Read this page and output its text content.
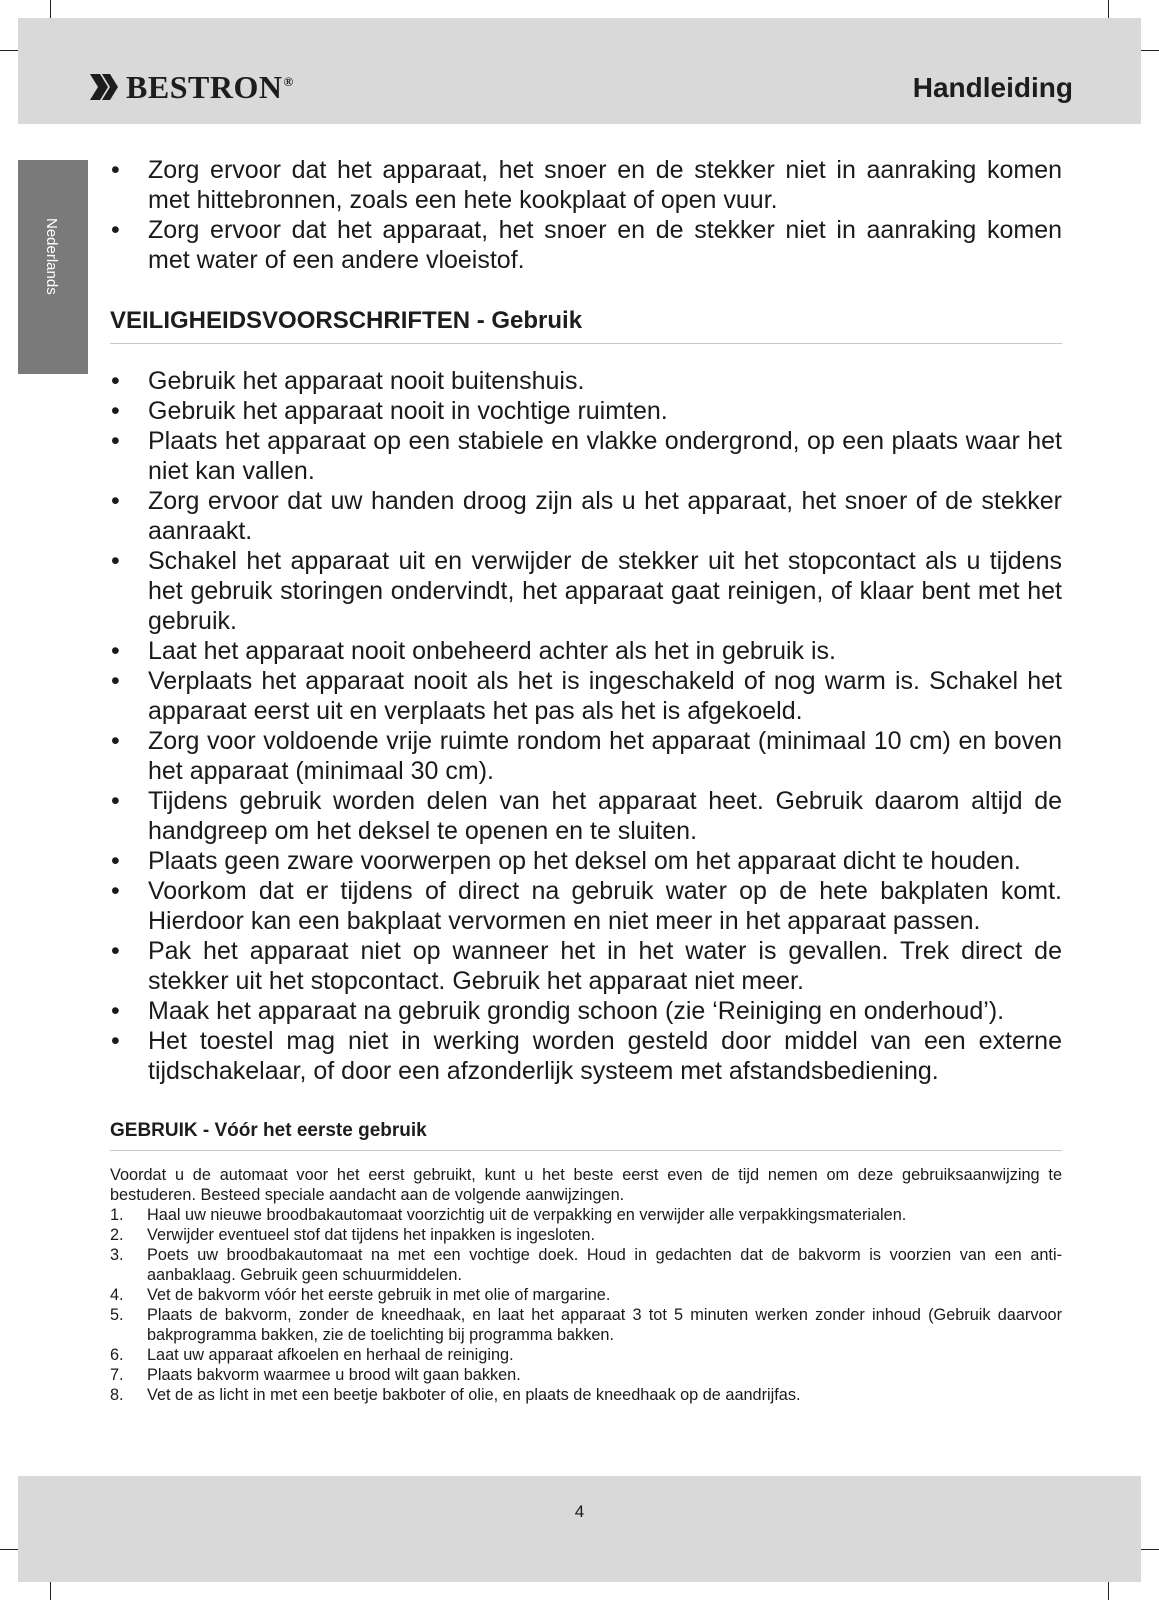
BESTRON®	Handleiding
Nederlands
• Zorg ervoor dat het apparaat, het snoer en de stekker niet in aanraking komen met hittebronnen, zoals een hete kookplaat of open vuur.
• Zorg ervoor dat het apparaat, het snoer en de stekker niet in aanraking komen met water of een andere vloeistof.
VEILIGHEIDSVOORSCHRIFTEN - Gebruik
• Gebruik het apparaat nooit buitenshuis.
• Gebruik het apparaat nooit in vochtige ruimten.
• Plaats het apparaat op een stabiele en vlakke ondergrond, op een plaats waar het niet kan vallen.
• Zorg ervoor dat uw handen droog zijn als u het apparaat, het snoer of de stekker aanraakt.
• Schakel het apparaat uit en verwijder de stekker uit het stopcontact als u tijdens het gebruik storingen ondervindt, het apparaat gaat reinigen, of klaar bent met het gebruik.
• Laat het apparaat nooit onbeheerd achter als het in gebruik is.
• Verplaats het apparaat nooit als het is ingeschakeld of nog warm is. Schakel het apparaat eerst uit en verplaats het pas als het is afgekoeld.
• Zorg voor voldoende vrije ruimte rondom het apparaat (minimaal 10 cm) en boven het apparaat (minimaal 30 cm).
• Tijdens gebruik worden delen van het apparaat heet. Gebruik daarom altijd de handgreep om het deksel te openen en te sluiten.
• Plaats geen zware voorwerpen op het deksel om het apparaat dicht te houden.
• Voorkom dat er tijdens of direct na gebruik water op de hete bakplaten komt. Hierdoor kan een bakplaat vervormen en niet meer in het apparaat passen.
• Pak het apparaat niet op wanneer het in het water is gevallen. Trek direct de stekker uit het stopcontact. Gebruik het apparaat niet meer.
• Maak het apparaat na gebruik grondig schoon (zie ‘Reiniging en onderhoud’).
• Het toestel mag niet in werking worden gesteld door middel van een externe tijdschakelaar, of door een afzonderlijk systeem met afstandsbediening.
GEBRUIK - Vóór het eerste gebruik

Voordat u de automaat voor het eerst gebruikt, kunt u het beste eerst even de tijd nemen om deze gebruiksaanwijzing te bestuderen. Besteed speciale aandacht aan de volgende aanwijzingen.

1. Haal uw nieuwe broodbakautomaat voorzichtig uit de verpakking en verwijder alle verpakkingsmaterialen.
2. Verwijder eventueel stof dat tijdens het inpakken is ingesloten.
3. Poets uw broodbakautomaat na met een vochtige doek. Houd in gedachten dat de bakvorm is voorzien van een anti-aanbaklaag. Gebruik geen schuurmiddelen.
4. Vet de bakvorm vóór het eerste gebruik in met olie of margarine.
5. Plaats de bakvorm, zonder de kneedhaak, en laat het apparaat 3 tot 5 minuten werken zonder inhoud (Gebruik daarvoor bakprogramma bakken, zie de toelichting bij programma bakken.
6. Laat uw apparaat afkoelen en herhaal de reiniging.
7. Plaats bakvorm waarmee u brood wilt gaan bakken.
8. Vet de as licht in met een beetje bakboter of olie, en plaats de kneedhaak op de aandrijfas.
4
